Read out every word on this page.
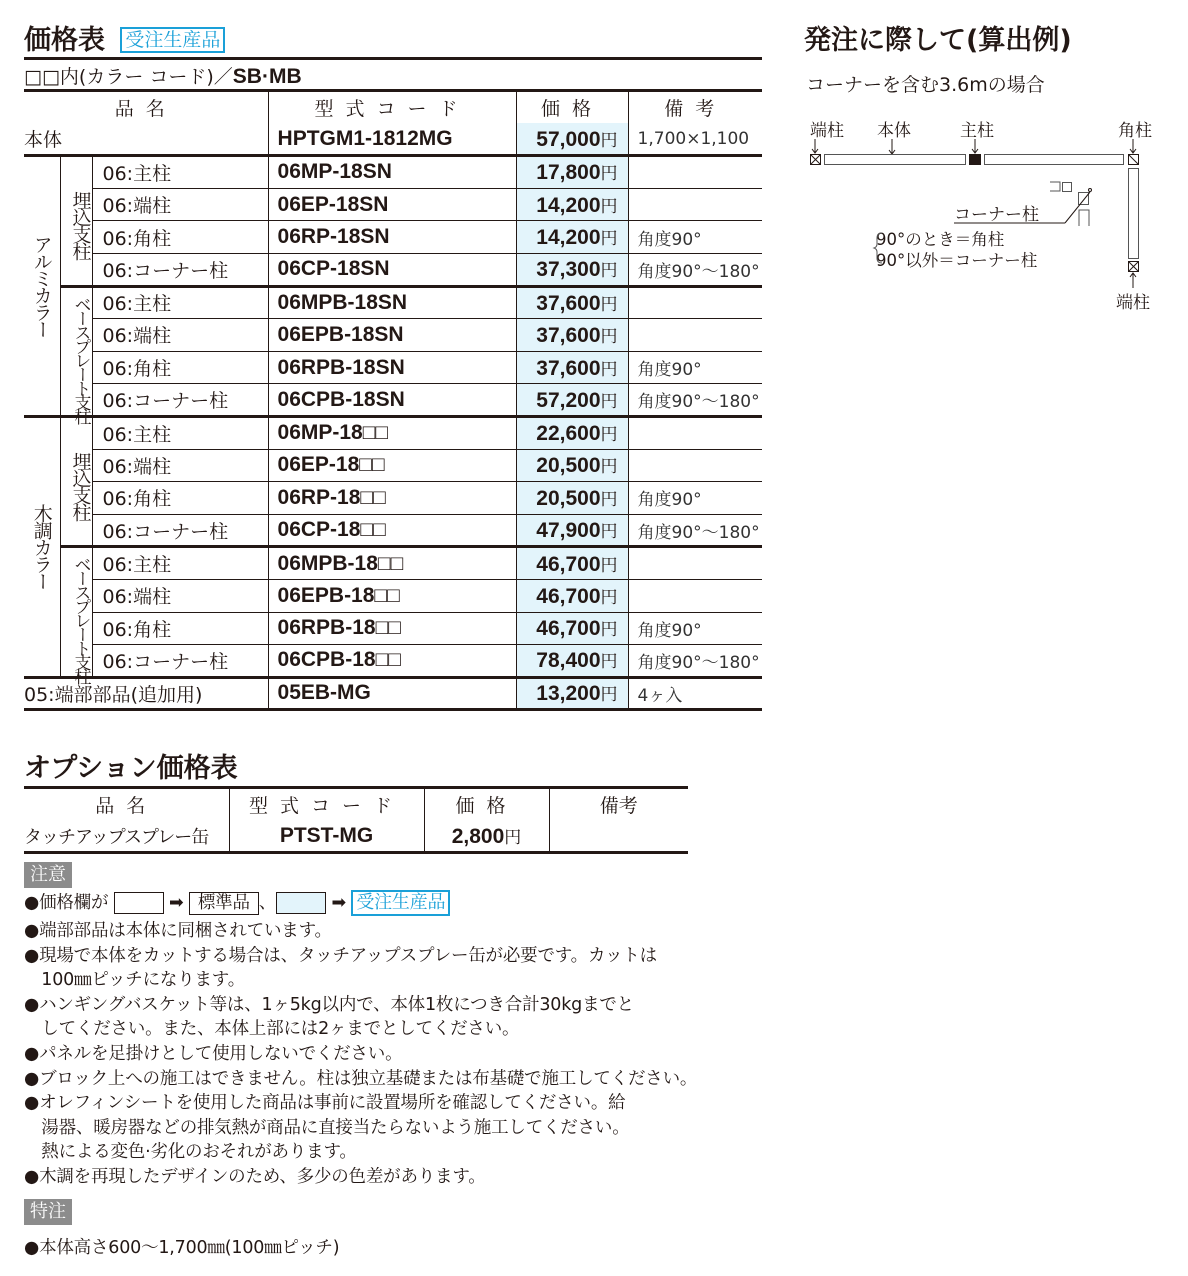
価格表 受注生産品
□□内(カラー コード)／SB·MB
品名			型式コード	価格	備考
本体			HPTGM1-1812MG	57,000円	1,700×1,100
アルミカラー	埋込支柱	06:主柱	06MP-18SN	17,800円	
		06:端柱	06EP-18SN	14,200円	
		06:角柱	06RP-18SN	14,200円	角度90°
		06:コーナー柱	06CP-18SN	37,300円	角度90°〜180°
	ベースプレート支柱	06:主柱	06MPB-18SN	37,600円	
		06:端柱	06EPB-18SN	37,600円	
		06:角柱	06RPB-18SN	37,600円	角度90°
		06:コーナー柱	06CPB-18SN	57,200円	角度90°〜180°
木調カラー	埋込支柱	06:主柱	06MP-18□□	22,600円	
		06:端柱	06EP-18□□	20,500円	
		06:角柱	06RP-18□□	20,500円	角度90°
		06:コーナー柱	06CP-18□□	47,900円	角度90°〜180°
	ベースプレート支柱	06:主柱	06MPB-18□□	46,700円	
		06:端柱	06EPB-18□□	46,700円	
		06:角柱	06RPB-18□□	46,700円	角度90°
		06:コーナー柱	06CPB-18□□	78,400円	角度90°〜180°
05:端部部品(追加用)			05EB-MG	13,200円	4ヶ入
オプション価格表
品名	型式コード	価格	備考
タッチアップスプレー缶	PTST-MG	2,800円	
注意
●価格欄が	➡ 標準品 、	➡ 受注生産品
●端部部品は本体に同梱されています。
●現場で本体をカットする場合は、タッチアップスプレー缶が必要です。カットは
　100㎜ピッチになります。
●ハンギングバスケット等は、1ヶ5kg以内で、本体1枚につき合計30kgまでと
　してください。また、本体上部には2ヶまでとしてください。
●パネルを足掛けとして使用しないでください。
●ブロック上への施工はできません。柱は独立基礎または布基礎で施工してください。
●オレフィンシートを使用した商品は事前に設置場所を確認してください。給
　湯器、暖房器などの排気熱が商品に直接当たらないよう施工してください。
　熱による変色·劣化のおそれがあります。
●木調を再現したデザインのため、多少の色差があります。
特注
●本体高さ600〜1,700㎜(100㎜ピッチ)
発注に際して(算出例)
コーナーを含む3.6mの場合
端柱 本体	主柱	角柱
コーナー柱
90°のとき＝角柱
90°以外＝コーナー柱
端柱
